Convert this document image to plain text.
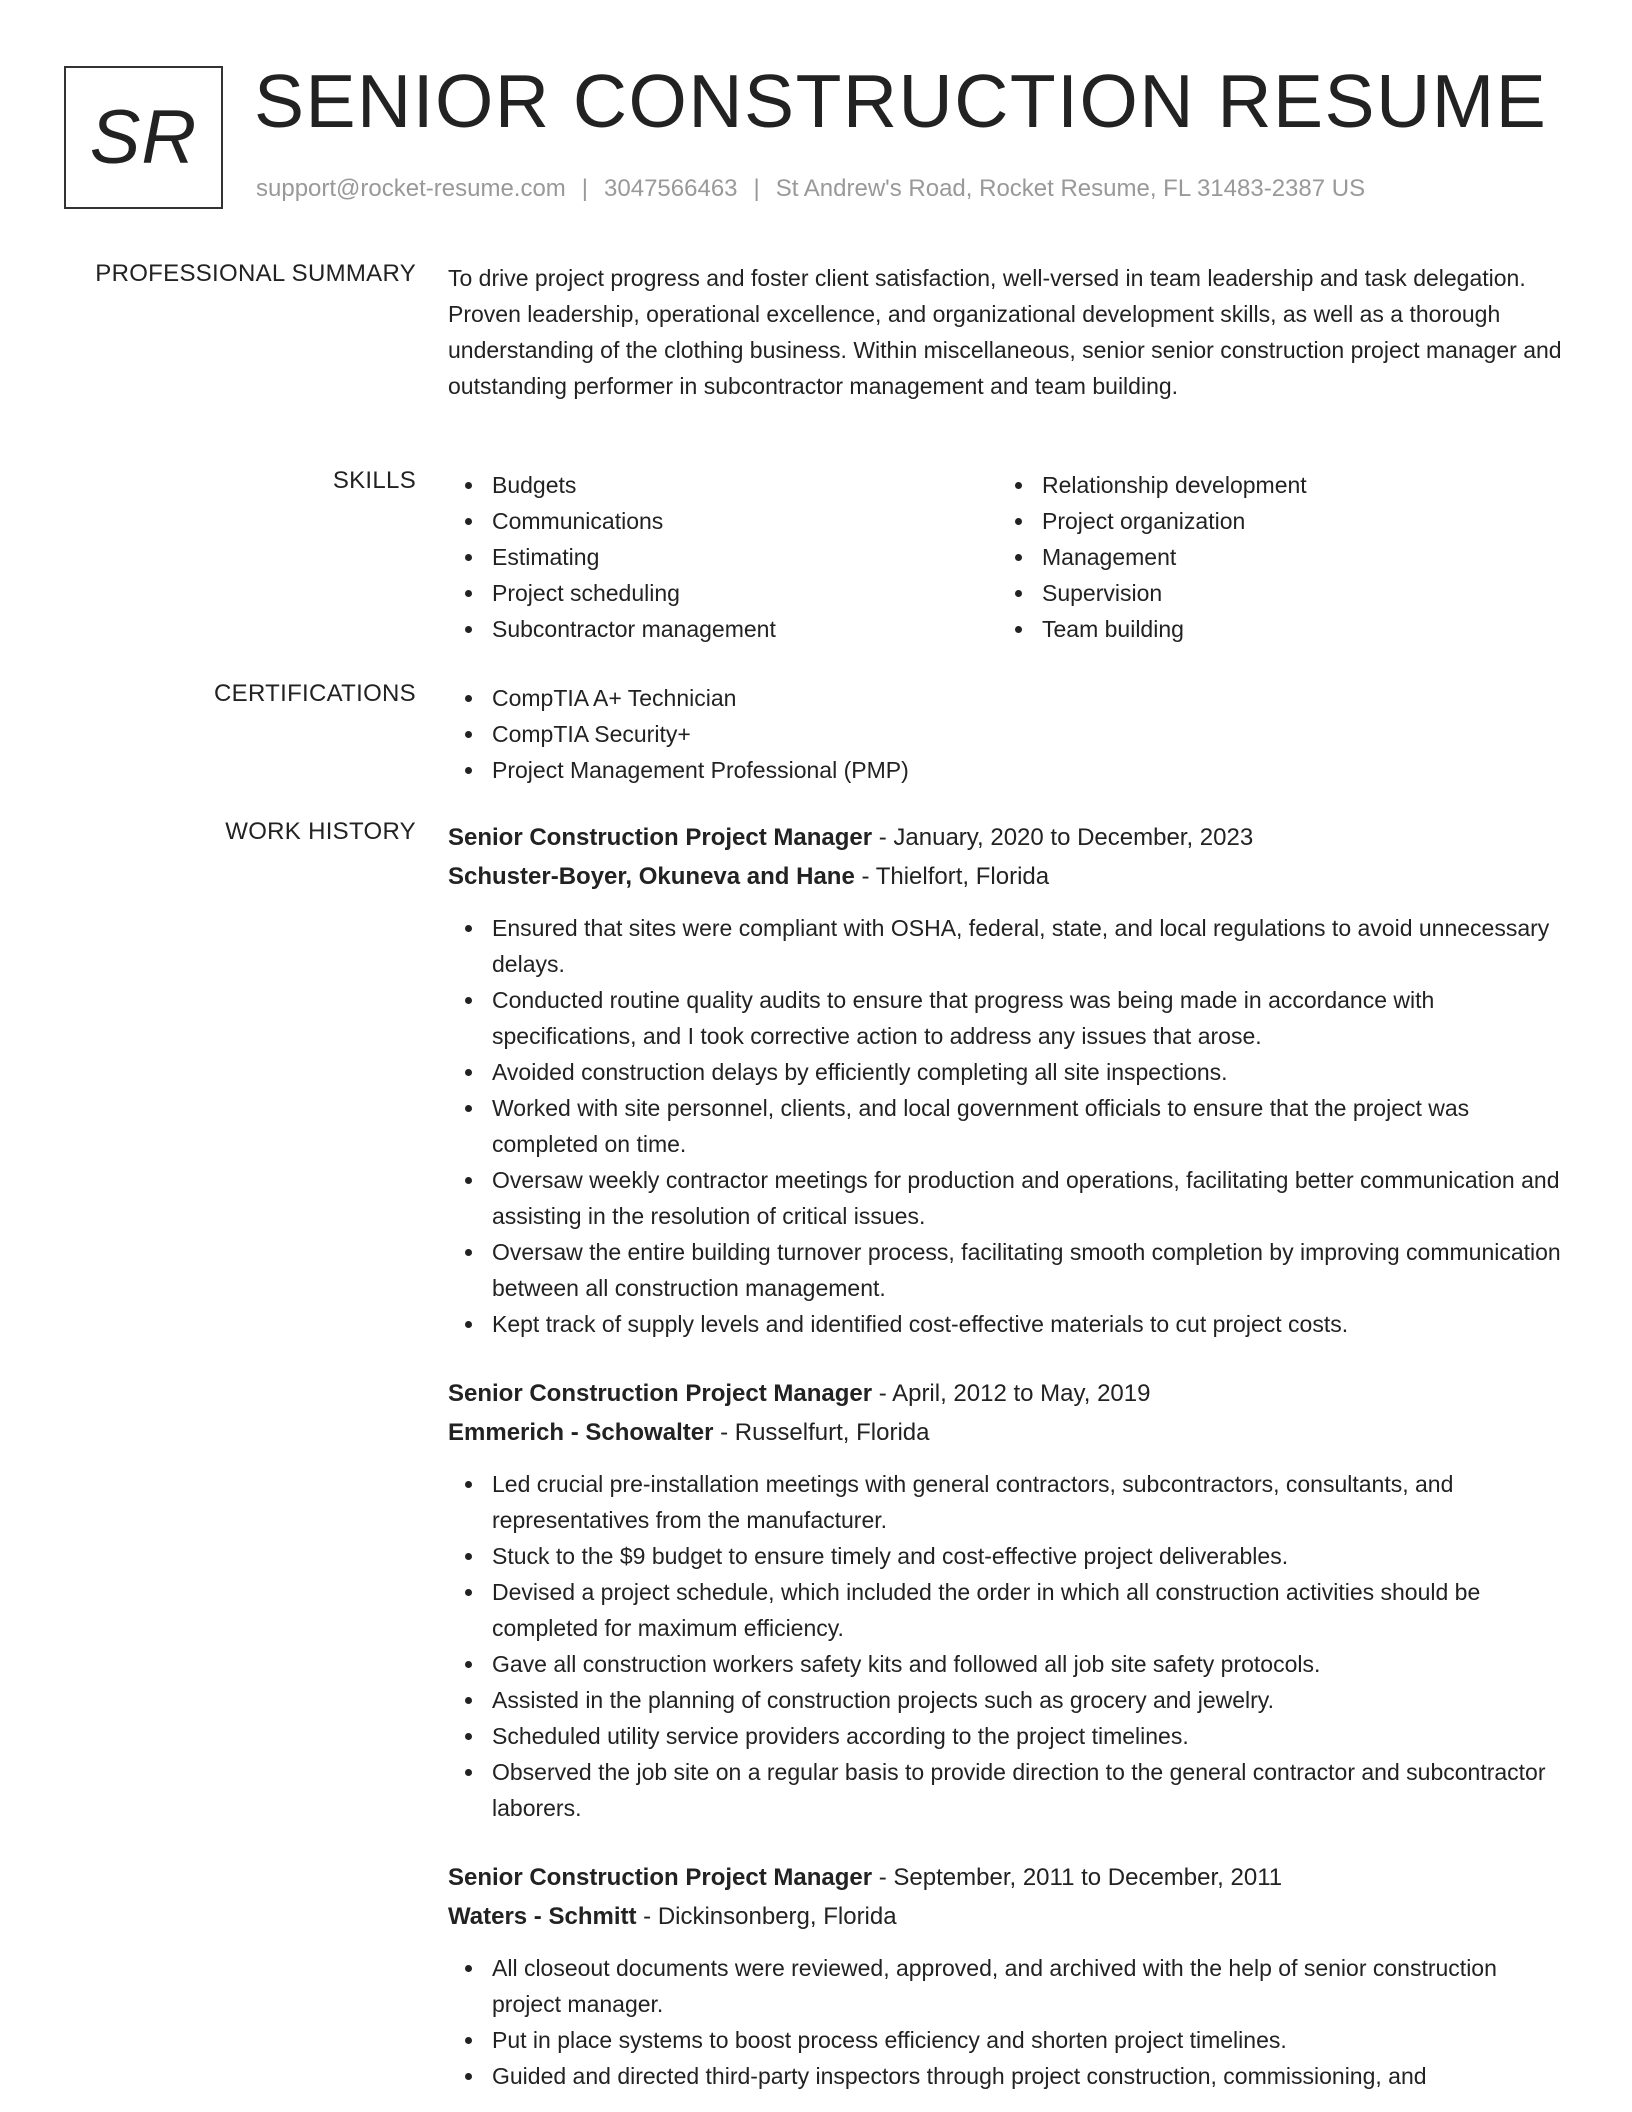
SR SENIOR CONSTRUCTION RESUME
support@rocket-resume.com | 3047566463 | St Andrew's Road, Rocket Resume, FL 31483-2387 US
PROFESSIONAL SUMMARY To drive project progress and foster client satisfaction, well-versed in team leadership and task delegation. Proven leadership, operational excellence, and organizational development skills, as well as a thorough understanding of the clothing business. Within miscellaneous, senior senior construction project manager and outstanding performer in subcontractor management and team building.
SKILLS	Budgets
Communications
Estimating
Project scheduling
Subcontractor management
Relationship development
Project organization
Management
Supervision
Team building
CERTIFICATIONS	CompTIA A+ Technician
CompTIA Security+
Project Management Professional (PMP)
WORK HISTORY Senior Construction Project Manager - January, 2020 to December, 2023
Schuster-Boyer, Okuneva and Hane - Thielfort, Florida
Ensured that sites were compliant with OSHA, federal, state, and local regulations to avoid unnecessary delays.
Conducted routine quality audits to ensure that progress was being made in accordance with specifications, and I took corrective action to address any issues that arose.
Avoided construction delays by efficiently completing all site inspections.
Worked with site personnel, clients, and local government officials to ensure that the project was completed on time.
Oversaw weekly contractor meetings for production and operations, facilitating better communication and assisting in the resolution of critical issues.
Oversaw the entire building turnover process, facilitating smooth completion by improving communication between all construction management.
Kept track of supply levels and identified cost-effective materials to cut project costs.
Senior Construction Project Manager - April, 2012 to May, 2019
Emmerich - Schowalter - Russelfurt, Florida
Led crucial pre-installation meetings with general contractors, subcontractors, consultants, and representatives from the manufacturer.
Stuck to the $9 budget to ensure timely and cost-effective project deliverables.
Devised a project schedule, which included the order in which all construction activities should be completed for maximum efficiency.
Gave all construction workers safety kits and followed all job site safety protocols.
Assisted in the planning of construction projects such as grocery and jewelry.
Scheduled utility service providers according to the project timelines.
Observed the job site on a regular basis to provide direction to the general contractor and subcontractor laborers.
Senior Construction Project Manager - September, 2011 to December, 2011
Waters - Schmitt - Dickinsonberg, Florida
All closeout documents were reviewed, approved, and archived with the help of senior construction project manager.
Put in place systems to boost process efficiency and shorten project timelines.
Guided and directed third-party inspectors through project construction, commissioning, and
